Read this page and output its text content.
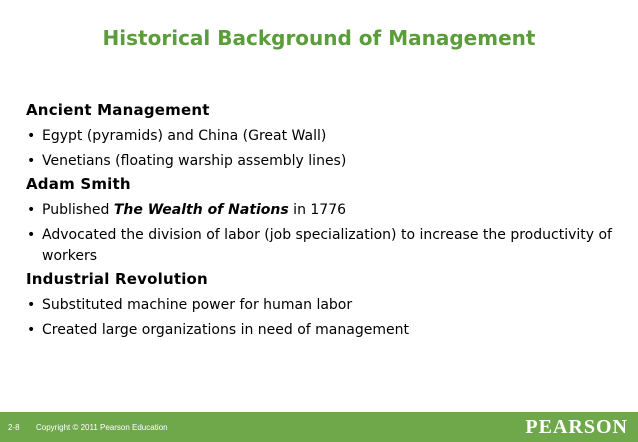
Historical Background of Management
Ancient Management
• Egypt (pyramids) and China (Great Wall)
• Venetians (floating warship assembly lines)
Adam Smith
• Published The Wealth of Nations in 1776
• Advocated the division of labor (job specialization) to increase the productivity of workers
Industrial Revolution
• Substituted machine power for human labor
• Created large organizations in need of management
2-8 Copyright © 2011 Pearson Education	PEARSON
